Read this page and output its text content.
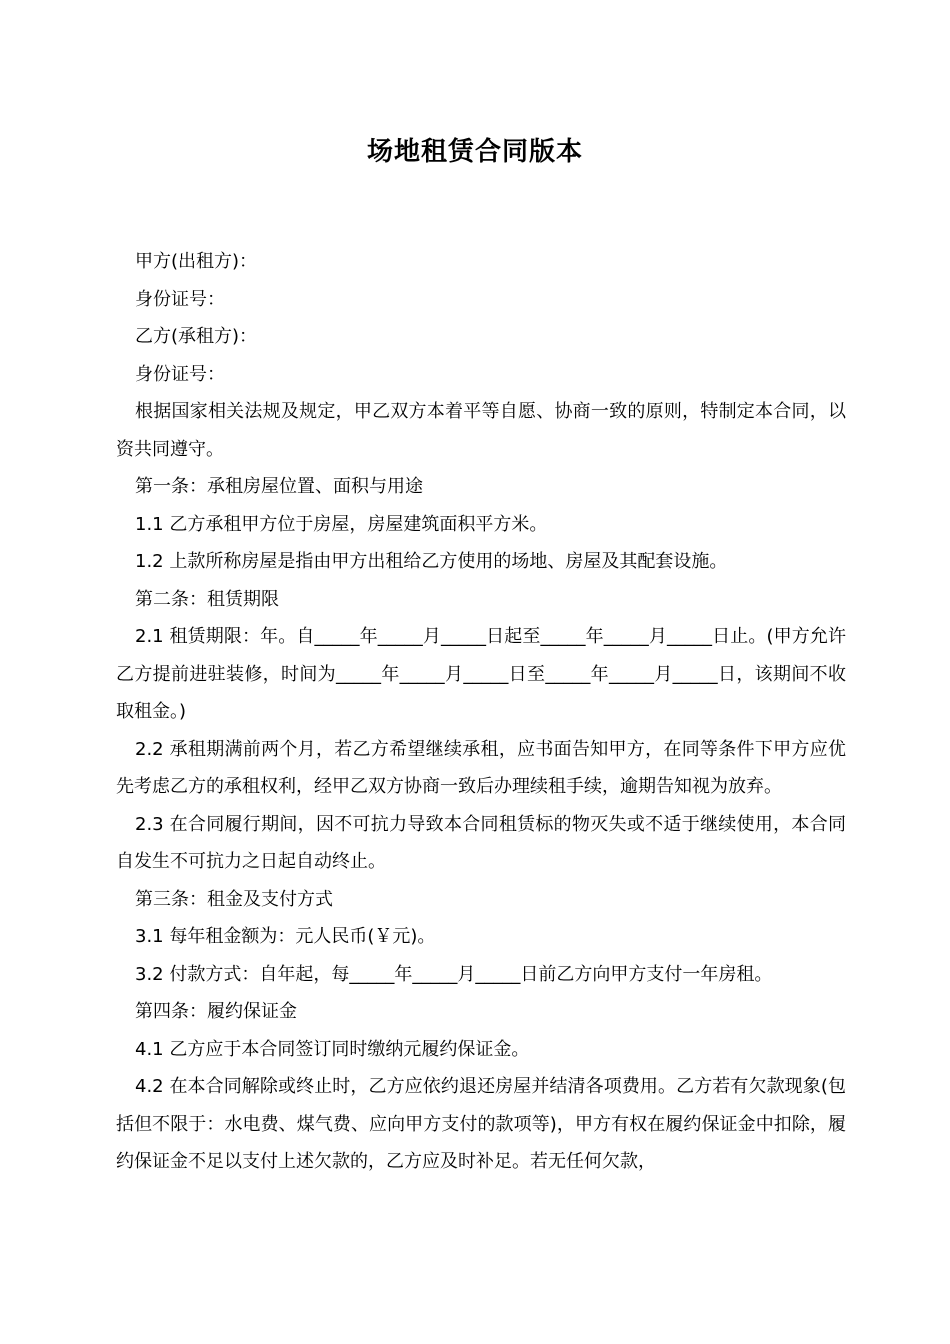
场地租赁合同版本

甲方(出租方)：

身份证号：

乙方(承租方)：

身份证号：

根据国家相关法规及规定，甲乙双方本着平等自愿、协商一致的原则，特制定本合同，以资共同遵守。

第一条：承租房屋位置、面积与用途

1.1 乙方承租甲方位于房屋，房屋建筑面积平方米。

1.2 上款所称房屋是指由甲方出租给乙方使用的场地、房屋及其配套设施。

第二条：租赁期限

2.1 租赁期限：年。自_____年_____月_____日起至_____年_____月_____日止。(甲方允许乙方提前进驻装修，时间为_____年_____月_____日至_____年_____月_____日，该期间不收取租金。)

2.2 承租期满前两个月，若乙方希望继续承租，应书面告知甲方，在同等条件下甲方应优先考虑乙方的承租权利，经甲乙双方协商一致后办理续租手续，逾期告知视为放弃。

2.3 在合同履行期间，因不可抗力导致本合同租赁标的物灭失或不适于继续使用，本合同自发生不可抗力之日起自动终止。

第三条：租金及支付方式

3.1 每年租金额为：元人民币(￥元)。

3.2 付款方式：自年起，每_____年_____月_____日前乙方向甲方支付一年房租。

第四条：履约保证金

4.1 乙方应于本合同签订同时缴纳元履约保证金。

4.2 在本合同解除或终止时，乙方应依约退还房屋并结清各项费用。乙方若有欠款现象(包括但不限于：水电费、煤气费、应向甲方支付的款项等)，甲方有权在履约保证金中扣除，履约保证金不足以支付上述欠款的，乙方应及时补足。若无任何欠款，
